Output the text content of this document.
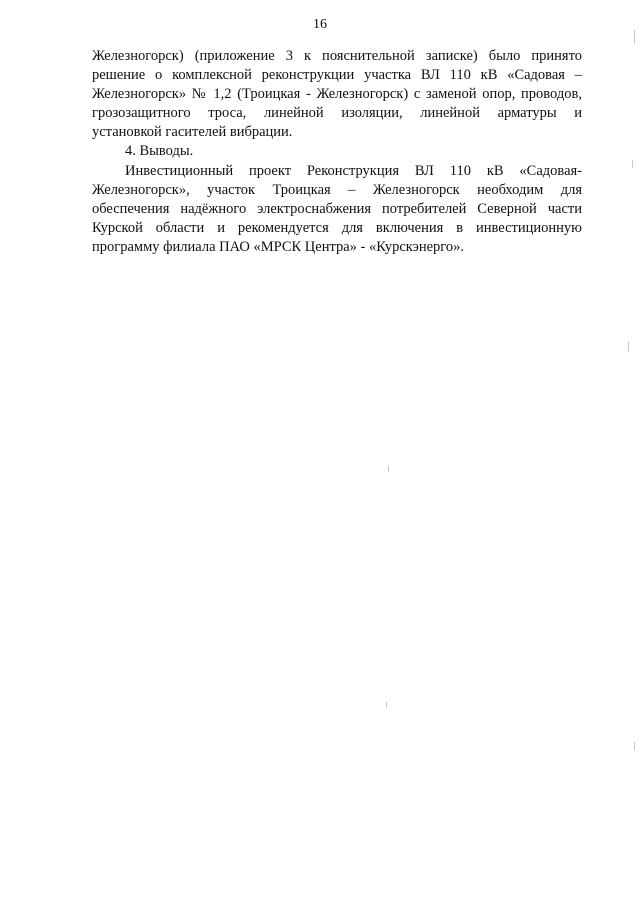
16
Железногорск) (приложение 3 к пояснительной записке) было принято
решение о комплексной реконструкции участка ВЛ 110 кВ «Садовая –
Железногорск» № 1,2 (Троицкая - Железногорск) с заменой опор, проводов,
грозозащитного троса, линейной изоляции, линейной арматуры и
установкой гасителей вибрации.
4. Выводы.
Инвестиционный проект Реконструкция ВЛ 110 кВ «Садовая-
Железногорск», участок Троицкая – Железногорск необходим для
обеспечения надёжного электроснабжения потребителей Северной части
Курской области и рекомендуется для включения в инвестиционную
программу филиала ПАО «МРСК Центра» - «Курскэнерго».
